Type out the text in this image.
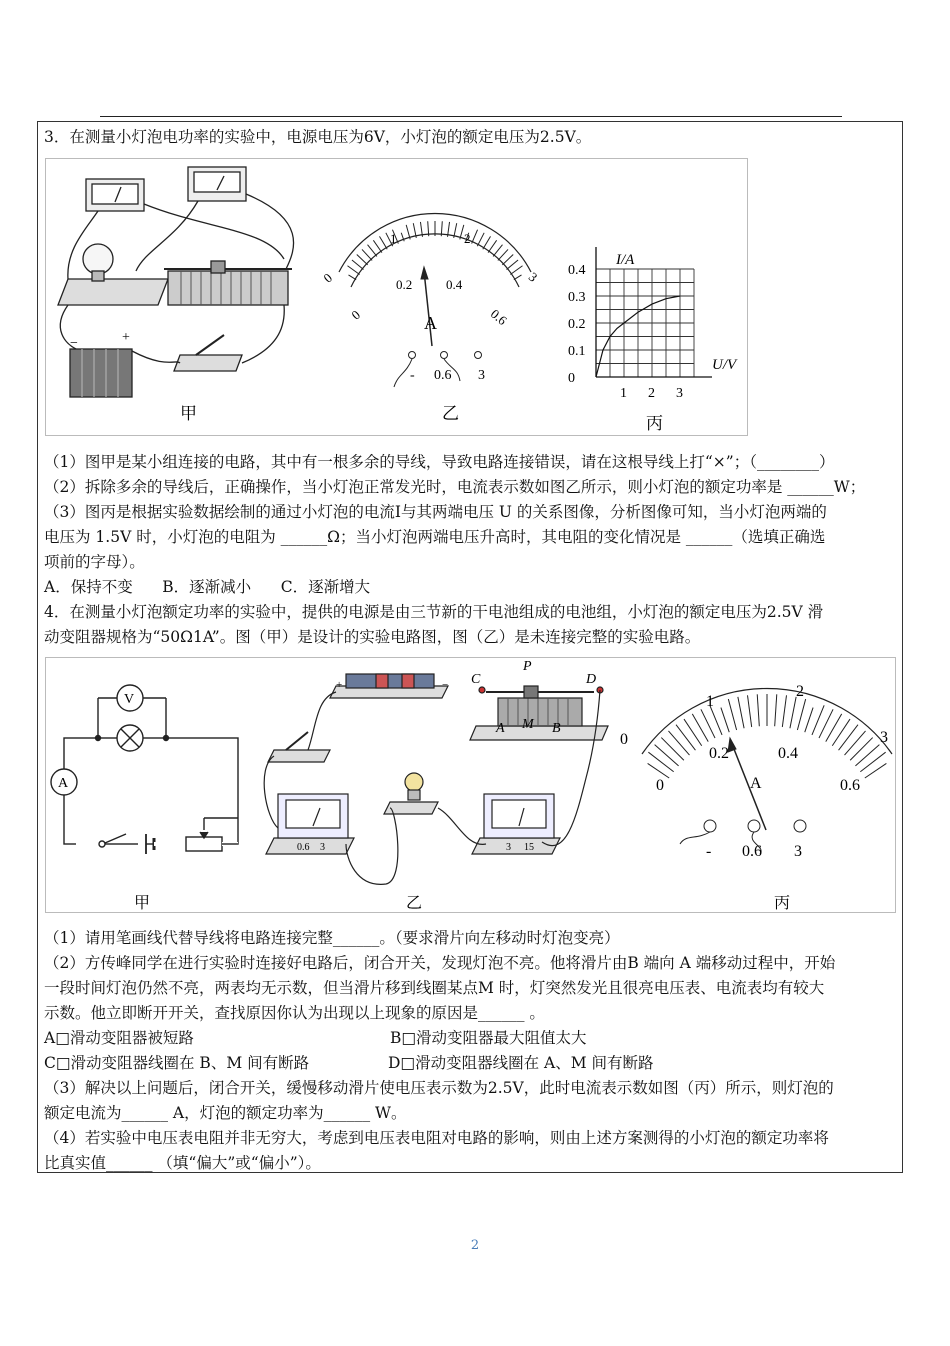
3．在测量小灯泡电功率的实验中，电源电压为6V，小灯泡的额定电压为2.5V。
−	+
甲
0
1	2
3
0
0.2	0.4
0.6
A
- 0.6 3
乙
0
0.1
0.2
0.3
0.4
1 2 3
I/A
U/V
丙
（1）图甲是某小组连接的电路，其中有一根多余的导线，导致电路连接错误，请在这根导线上打“×”；（________）
（2）拆除多余的导线后，正确操作，当小灯泡正常发光时，电流表示数如图乙所示，则小灯泡的额定功率是 ______W；
（3）图丙是根据实验数据绘制的通过小灯泡的电流I与其两端电压 U 的关系图像，分析图像可知，当小灯泡两端的
电压为 1.5V 时，小灯泡的电阻为 ______Ω；当小灯泡两端电压升高时，其电阻的变化情况是 ______（选填正确选
项前的字母）。
A．保持不变      B．逐渐减小      C．逐渐增大
4．在测量小灯泡额定功率的实验中，提供的电源是由三节新的干电池组成的电池组，小灯泡的额定电压为2.5V 滑
动变阻器规格为“50Ω1A”。图（甲）是设计的实验电路图，图（乙）是未连接完整的实验电路。
V
A
甲
+	−
P
C	D
A M B
0.6 3	3 15
乙
0
1
2
3
0
0.2	0.4
0.6
A
- 0.6 3
丙
（1）请用笔画线代替导线将电路连接完整______。（要求滑片向左移动时灯泡变亮）
（2）方传峰同学在进行实验时连接好电路后，闭合开关，发现灯泡不亮。他将滑片由B 端向 A 端移动过程中，开始
一段时间灯泡仍然不亮，两表均无示数，但当滑片移到线圈某点M 时，灯突然发光且很亮电压表、电流表均有较大
示数。他立即断开开关，查找原因你认为出现以上现象的原因是______ 。
A□滑动变阻器被短路	B□滑动变阻器最大阻值太大
C□滑动变阻器线圈在 B、M 间有断路	D□滑动变阻器线圈在 A、M 间有断路
（3）解决以上问题后，闭合开关，缓慢移动滑片使电压表示数为2.5V，此时电流表示数如图（丙）所示，则灯泡的
额定电流为______ A，灯泡的额定功率为______ W。
（4）若实验中电压表电阻并非无穷大，考虑到电压表电阻对电路的影响，则由上述方案测得的小灯泡的额定功率将
比真实值______ （填“偏大”或“偏小”）。
2
